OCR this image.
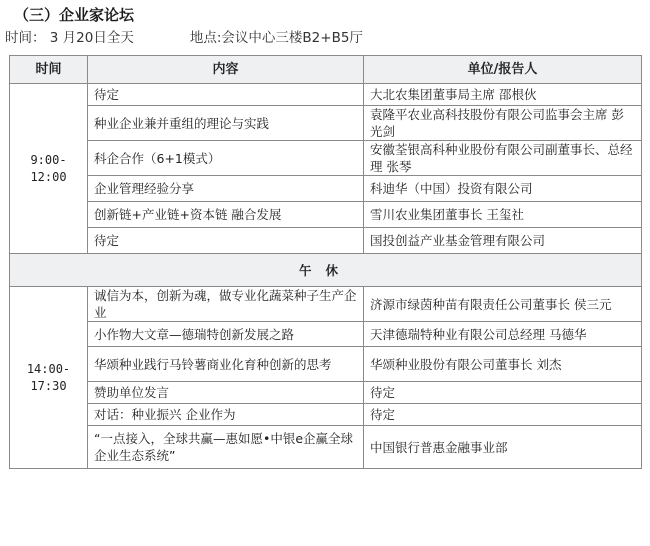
（三）企业家论坛
时间： 3 月20日全天	地点:会议中心三楼B2+B5厅
时间	内容	单位/报告人

9:00-
12:00	待定	大北农集团董事局主席 邵根伙
	种业企业兼并重组的理论与实践	袁隆平农业高科技股份有限公司监事会主席 彭光剑
	科企合作（6+1模式）	安徽荃银高科种业股份有限公司副董事长、总经理 张琴
	企业管理经验分享	科迪华（中国）投资有限公司
	创新链+产业链+资本链 融合发展	雪川农业集团董事长 王玺社
	待定	国投创益产业基金管理有限公司
午休		

14:00-
17:30	诚信为本，创新为魂，做专业化蔬菜种子生产企业	济源市绿茵种苗有限责任公司董事长 侯三元
	小作物大文章—德瑞特创新发展之路	天津德瑞特种业有限公司总经理 马德华
	华颂种业践行马铃薯商业化育种创新的思考	华颂种业股份有限公司董事长 刘杰
	赞助单位发言	待定
	对话：种业振兴 企业作为	待定
	“一点接入，全球共赢—惠如愿•中银e企赢全球企业生态系统”	中国银行普惠金融事业部
